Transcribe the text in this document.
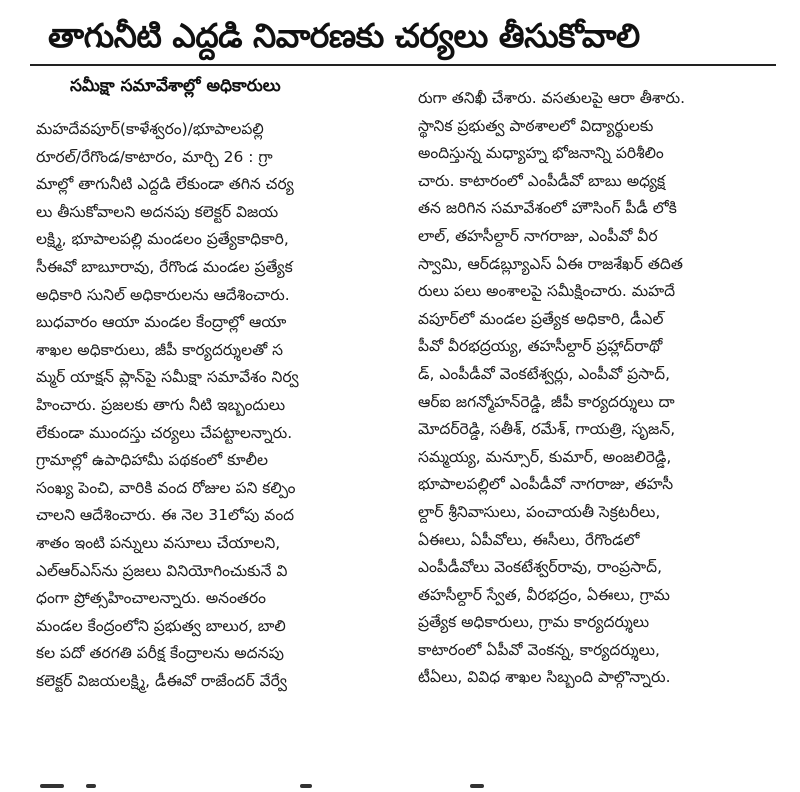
తాగునీటి ఎద్దడి నివారణకు చర్యలు తీసుకోవాలి
సమీక్షా సమావేశాల్లో అధికారులు
మహదేవపూర్(కాళేశ్వరం)/భూపాలపల్లి రూరల్/రేగొండ/కాటారం, మార్చి 26 : గ్రా మాల్లో తాగునీటి ఎద్దడి లేకుండా తగిన చర్య లు తీసుకోవాలని అదనపు కలెక్టర్ విజయ లక్ష్మి, భూపాలపల్లి మండలం ప్రత్యేకాధికారి, సీఈవో బాబూరావు, రేగొండ మండల ప్రత్యేక అధికారి సునిల్ అధికారులను ఆదేశించారు. బుధవారం ఆయా మండల కేంద్రాల్లో ఆయా శాఖల అధికారులు, జీపీ కార్యదర్శులతో స మ్మర్ యాక్షన్ ప్లాన్‌పై సమీక్షా సమావేశం నిర్వ హించారు. ప్రజలకు తాగు నీటి ఇబ్బందులు లేకుండా ముందస్తు చర్యలు చేపట్టాలన్నారు. గ్రామాల్లో ఉపాధిహామీ పథకంలో కూలీల సంఖ్య పెంచి, వారికి వంద రోజుల పని కల్పిం చాలని ఆదేశించారు. ఈ నెల 31లోపు వంద శాతం ఇంటి పన్నులు వసూలు చేయాలని, ఎల్ఆర్ఎస్‌ను ప్రజలు వినియోగించుకునే వి ధంగా ప్రోత్సహించాలన్నారు. అనంతరం మండల కేంద్రంలోని ప్రభుత్వ బాలుర, బాలి కల పదో తరగతి పరీక్ష కేంద్రాలను అదనపు కలెక్టర్ విజయలక్ష్మి, డీఈవో రాజేందర్ వేర్వే
రుగా తనిఖీ చేశారు. వసతులపై ఆరా తీశారు. స్థానిక ప్రభుత్వ పాఠశాలలో విద్యార్థులకు అందిస్తున్న మధ్యాహ్న భోజనాన్ని పరిశీలిం చారు. కాటారంలో ఎంపీడీవో బాబు అధ్యక్ష తన జరిగిన సమావేశంలో హౌసింగ్ పీడీ లోకి లాల్, తహసీల్దార్ నాగరాజు, ఎంపీవో వీర స్వామి, ఆర్‌డబ్ల్యూఎస్ ఏఈ రాజశేఖర్ తదిత రులు పలు అంశాలపై సమీక్షించారు. మహదే వపూర్‌లో మండల ప్రత్యేక అధికారి, డీఎల్ పీవో వీరభద్రయ్య, తహసీల్దార్ ప్రహ్లాద్‌రాథో డ్, ఎంపీడీవో వెంకటేశ్వర్లు, ఎంపీవో ప్రసాద్, ఆర్ఐ జగన్మోహన్‌రెడ్డి, జీపీ కార్యదర్శులు దా మోదర్‌రెడ్డి, సతీశ్, రమేశ్, గాయత్రి, సృజన్, సమ్మయ్య, మన్సూర్, కుమార్, అంజలిరెడ్డి, భూపాలపల్లిలో ఎంపీడీవో నాగరాజు, తహసీ ల్దార్ శ్రీనివాసులు, పంచాయతీ సెక్రటరీలు, ఏఈలు, ఏపీవోలు, ఈసీలు, రేగొండలో ఎంపీడీవోలు వెంకటేశ్వర్‌రావు, రాంప్రసాద్, తహసీల్దార్ స్వేత, వీరభద్రం, ఏఈలు, గ్రామ ప్రత్యేక అధికారులు, గ్రామ కార్యదర్శులు కాటారంలో ఏపీవో వెంకన్న, కార్యదర్శులు, టీఏలు, వివిధ శాఖల సిబ్బంది పాల్గొన్నారు.
